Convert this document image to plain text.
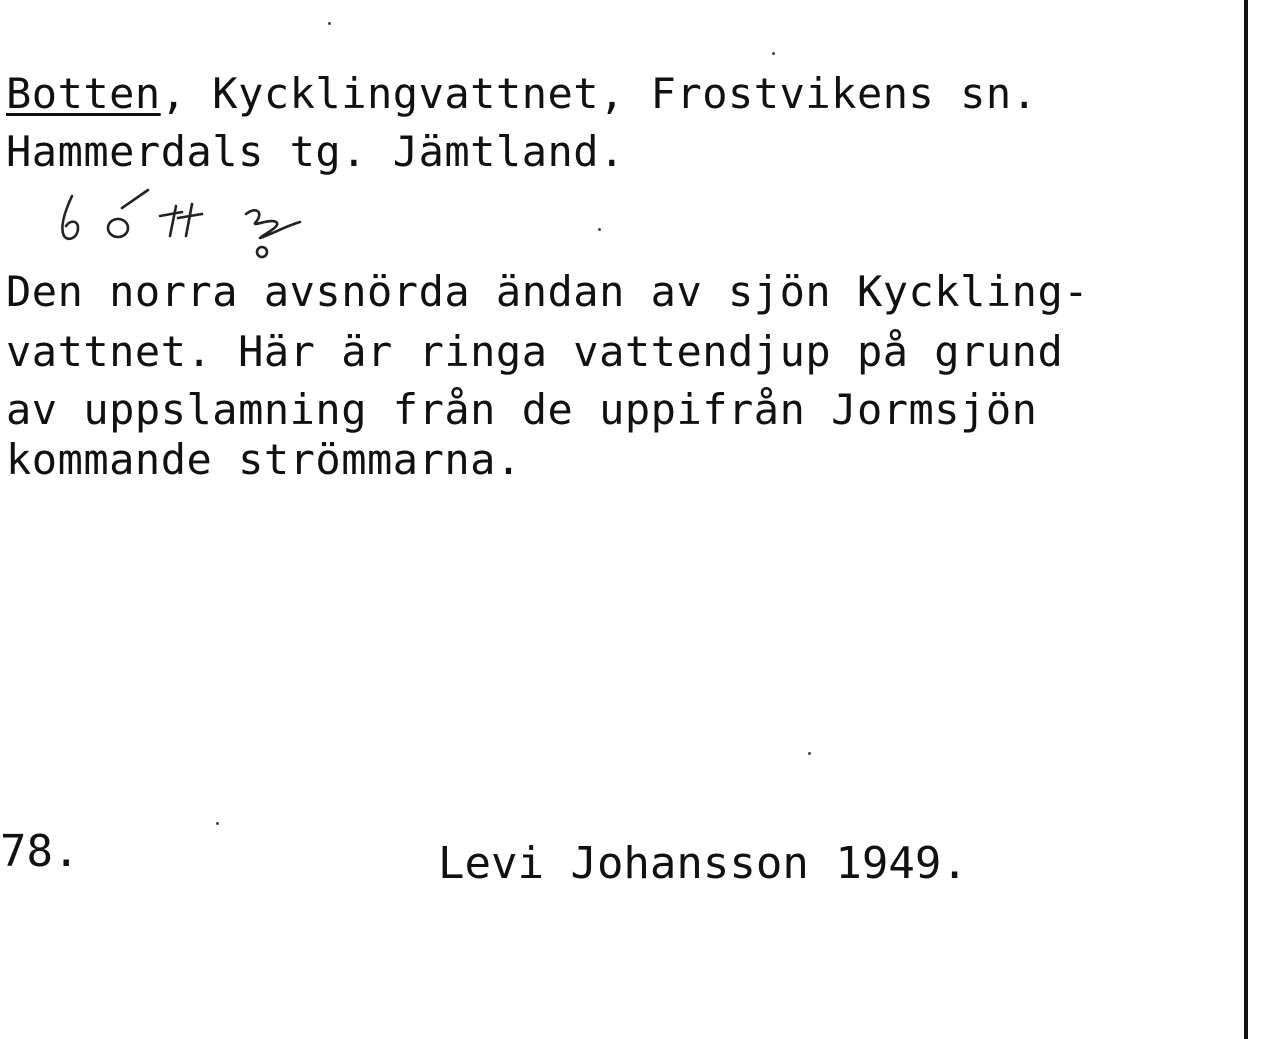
Botten, Kycklingvattnet, Frostvikens sn.

Hammerdals tg. Jämtland.

Den norra avsnörda ändan av sjön Kyckling-

vattnet. Här är ringa vattendjup på grund

av uppslamning från de uppifrån Jormsjön

kommande strömmarna.

78.	Levi Johansson 1949.
